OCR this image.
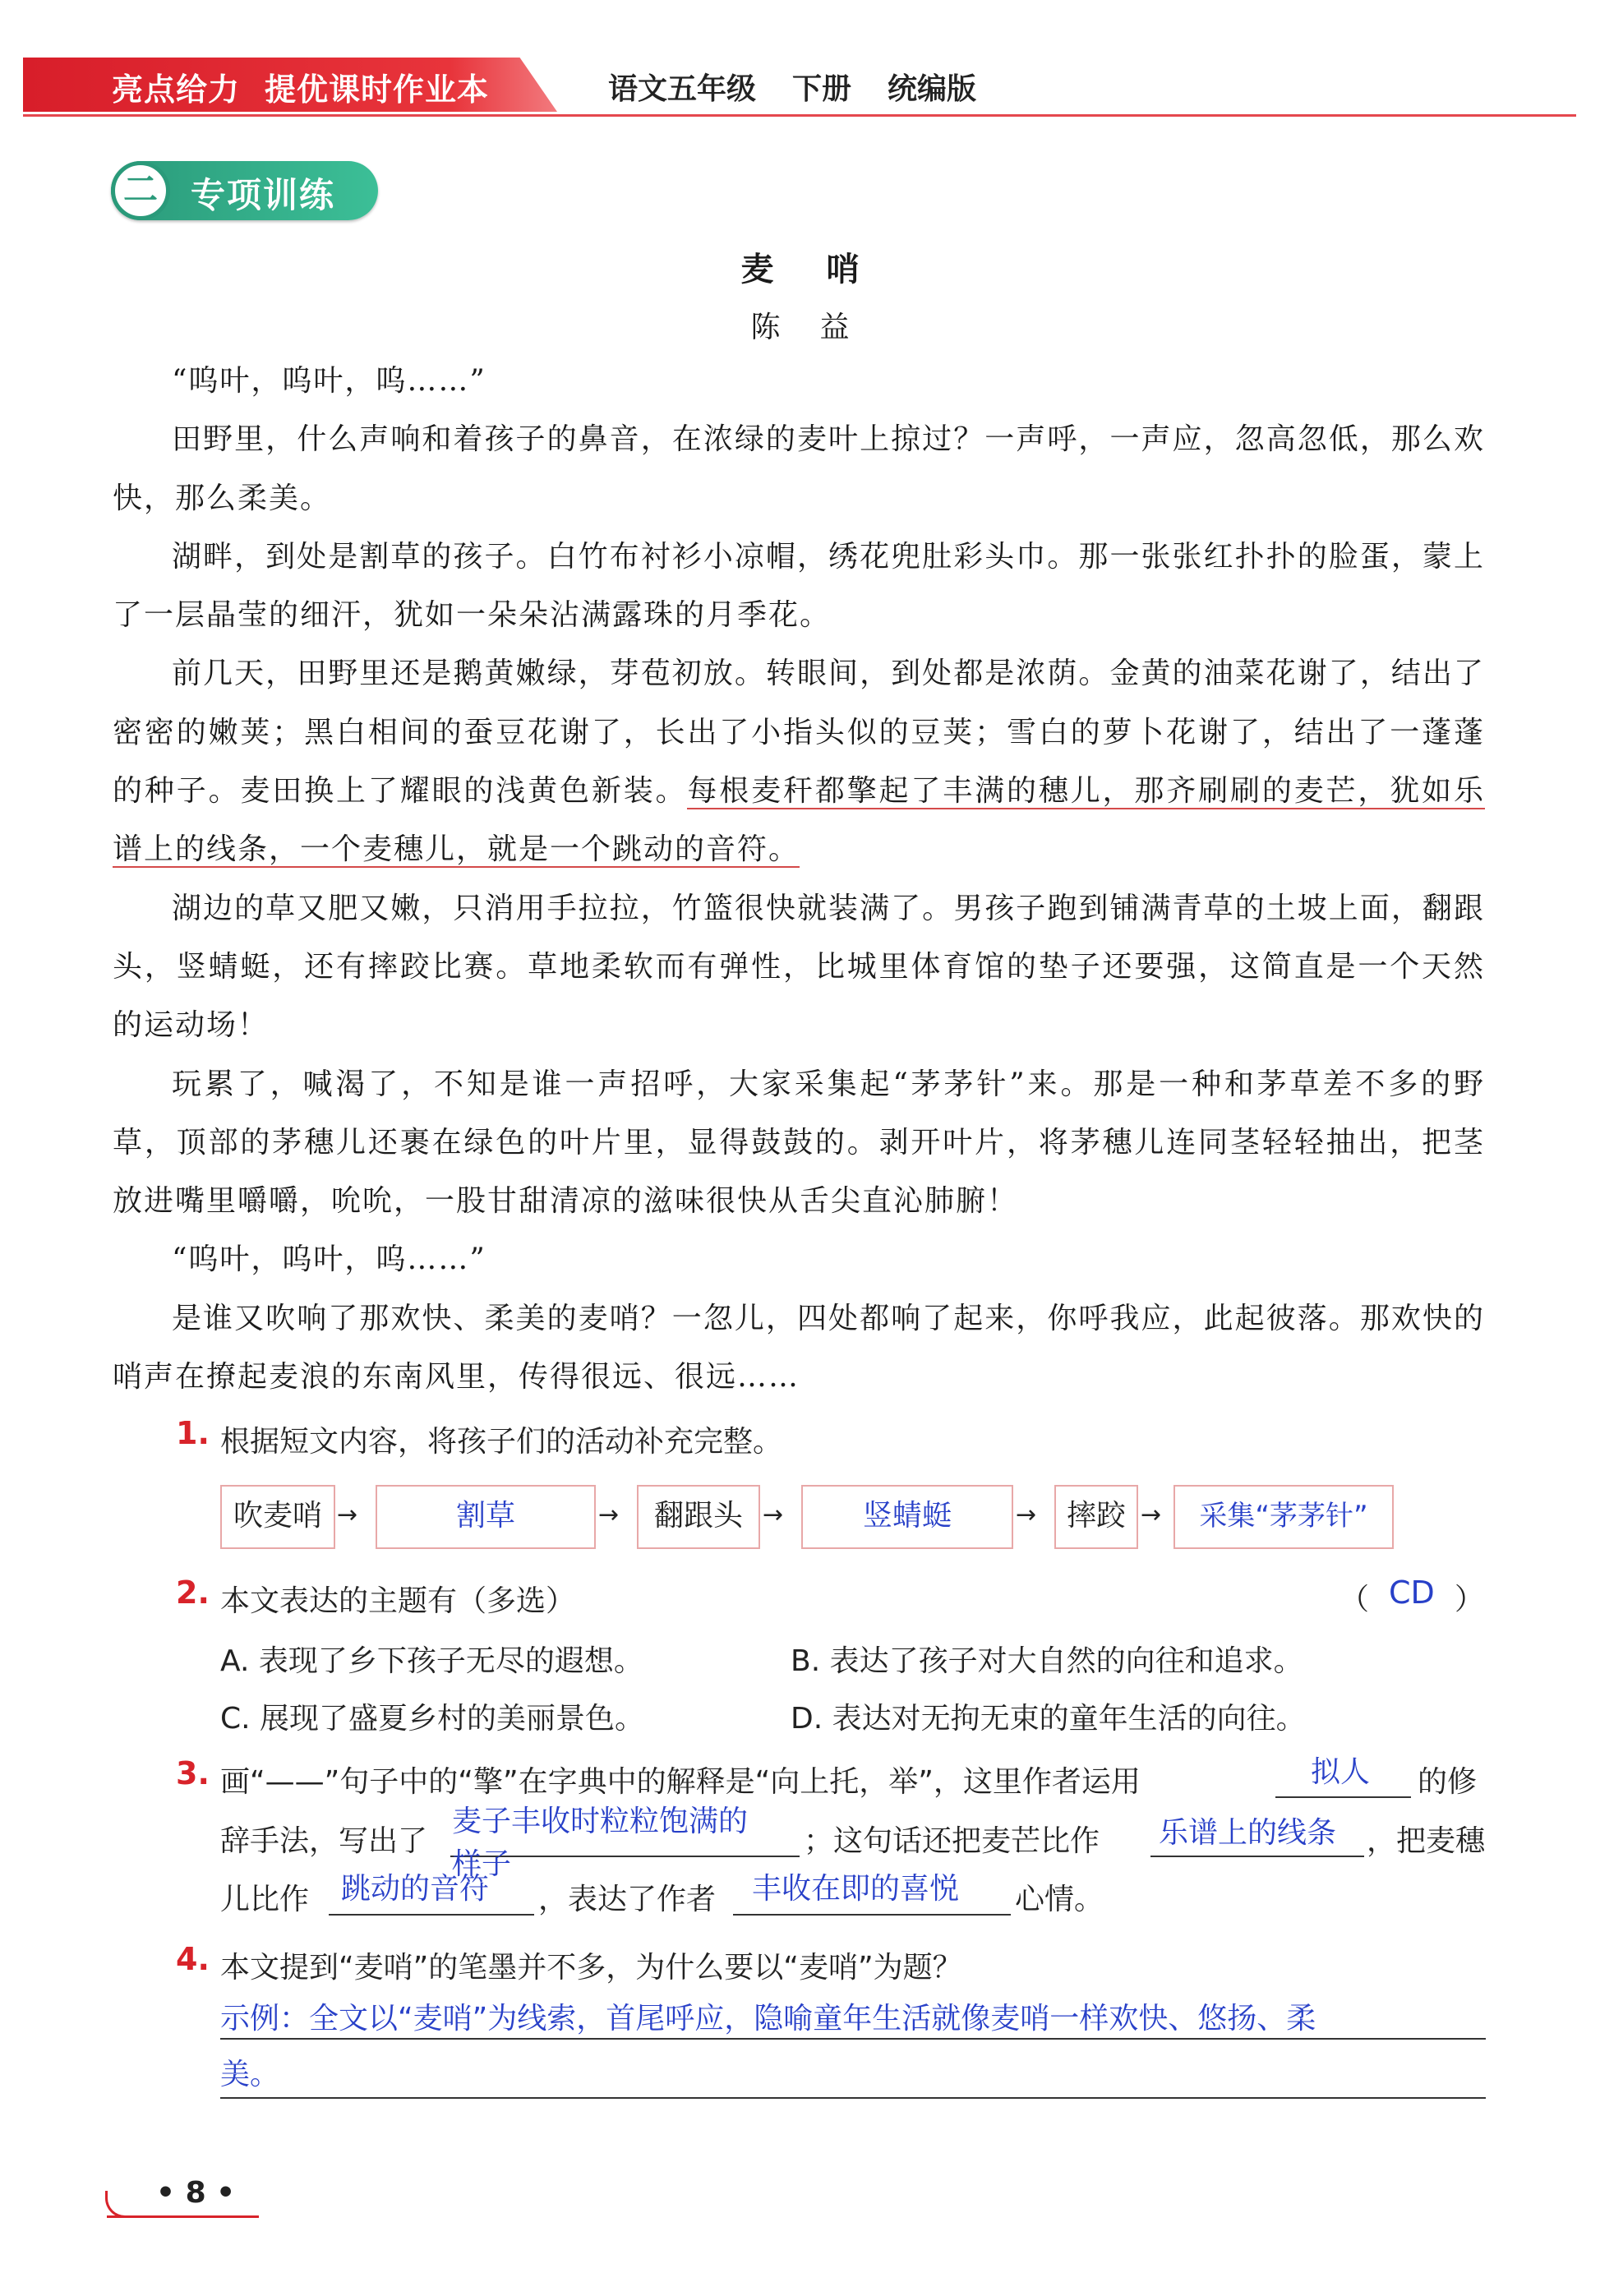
亮点给力 提优课时作业本	语文五年级 下册 统编版
二 专项训练
麦哨
陈益

“呜叶，呜叶，呜……”

田野里，什么声响和着孩子的鼻音，在浓绿的麦叶上掠过？一声呼，一声应，忽高忽低，那么欢快，那么柔美。

湖畔，到处是割草的孩子。白竹布衬衫小凉帽，绣花兜肚彩头巾。那一张张红扑扑的脸蛋，蒙上了一层晶莹的细汗，犹如一朵朵沾满露珠的月季花。

前几天，田野里还是鹅黄嫩绿，芽苞初放。转眼间，到处都是浓荫。金黄的油菜花谢了，结出了密密的嫩荚；黑白相间的蚕豆花谢了，长出了小指头似的豆荚；雪白的萝卜花谢了，结出了一蓬蓬的种子。麦田换上了耀眼的浅黄色新装。每根麦秆都擎起了丰满的穗儿，那齐刷刷的麦芒，犹如乐谱上的线条，一个麦穗儿，就是一个跳动的音符。

湖边的草又肥又嫩，只消用手拉拉，竹篮很快就装满了。男孩子跑到铺满青草的土坡上面，翻跟头，竖蜻蜓，还有摔跤比赛。草地柔软而有弹性，比城里体育馆的垫子还要强，这简直是一个天然的运动场！

玩累了，喊渴了，不知是谁一声招呼，大家采集起“茅茅针”来。那是一种和茅草差不多的野草，顶部的茅穗儿还裹在绿色的叶片里，显得鼓鼓的。剥开叶片，将茅穗儿连同茎轻轻抽出，把茎放进嘴里嚼嚼，吮吮，一股甘甜清凉的滋味很快从舌尖直沁肺腑！

“呜叶，呜叶，呜……”

是谁又吹响了那欢快、柔美的麦哨？一忽儿，四处都响了起来，你呼我应，此起彼落。那欢快的哨声在撩起麦浪的东南风里，传得很远、很远……

1. 根据短文内容，将孩子们的活动补充完整。
吹麦哨 →	割草	→	翻跟头 →	竖蜻蜓	→	摔跤 →	采集“茅茅针”
2. 本文表达的主题有（多选）	（ CD ）
A. 表现了乡下孩子无尽的遐想。	B. 表达了孩子对大自然的向往和追求。
C. 展现了盛夏乡村的美丽景色。	D. 表达对无拘无束的童年生活的向往。
3. 画“——”句子中的“擎”在字典中的解释是“向上托，举”，这里作者运用	拟人 的修
辞手法，写出了
麦子丰收时粒粒饱满的
样子
；这句话还把麦芒比作 乐谱上的线条 ，把麦穗
儿比作 跳动的音符 ，表达了作者 丰收在即的喜悦 心情。
4. 本文提到“麦哨”的笔墨并不多，为什么要以“麦哨”为题？
示例：全文以“麦哨”为线索，首尾呼应，隐喻童年生活就像麦哨一样欢快、悠扬、柔
美。
• 8 •
